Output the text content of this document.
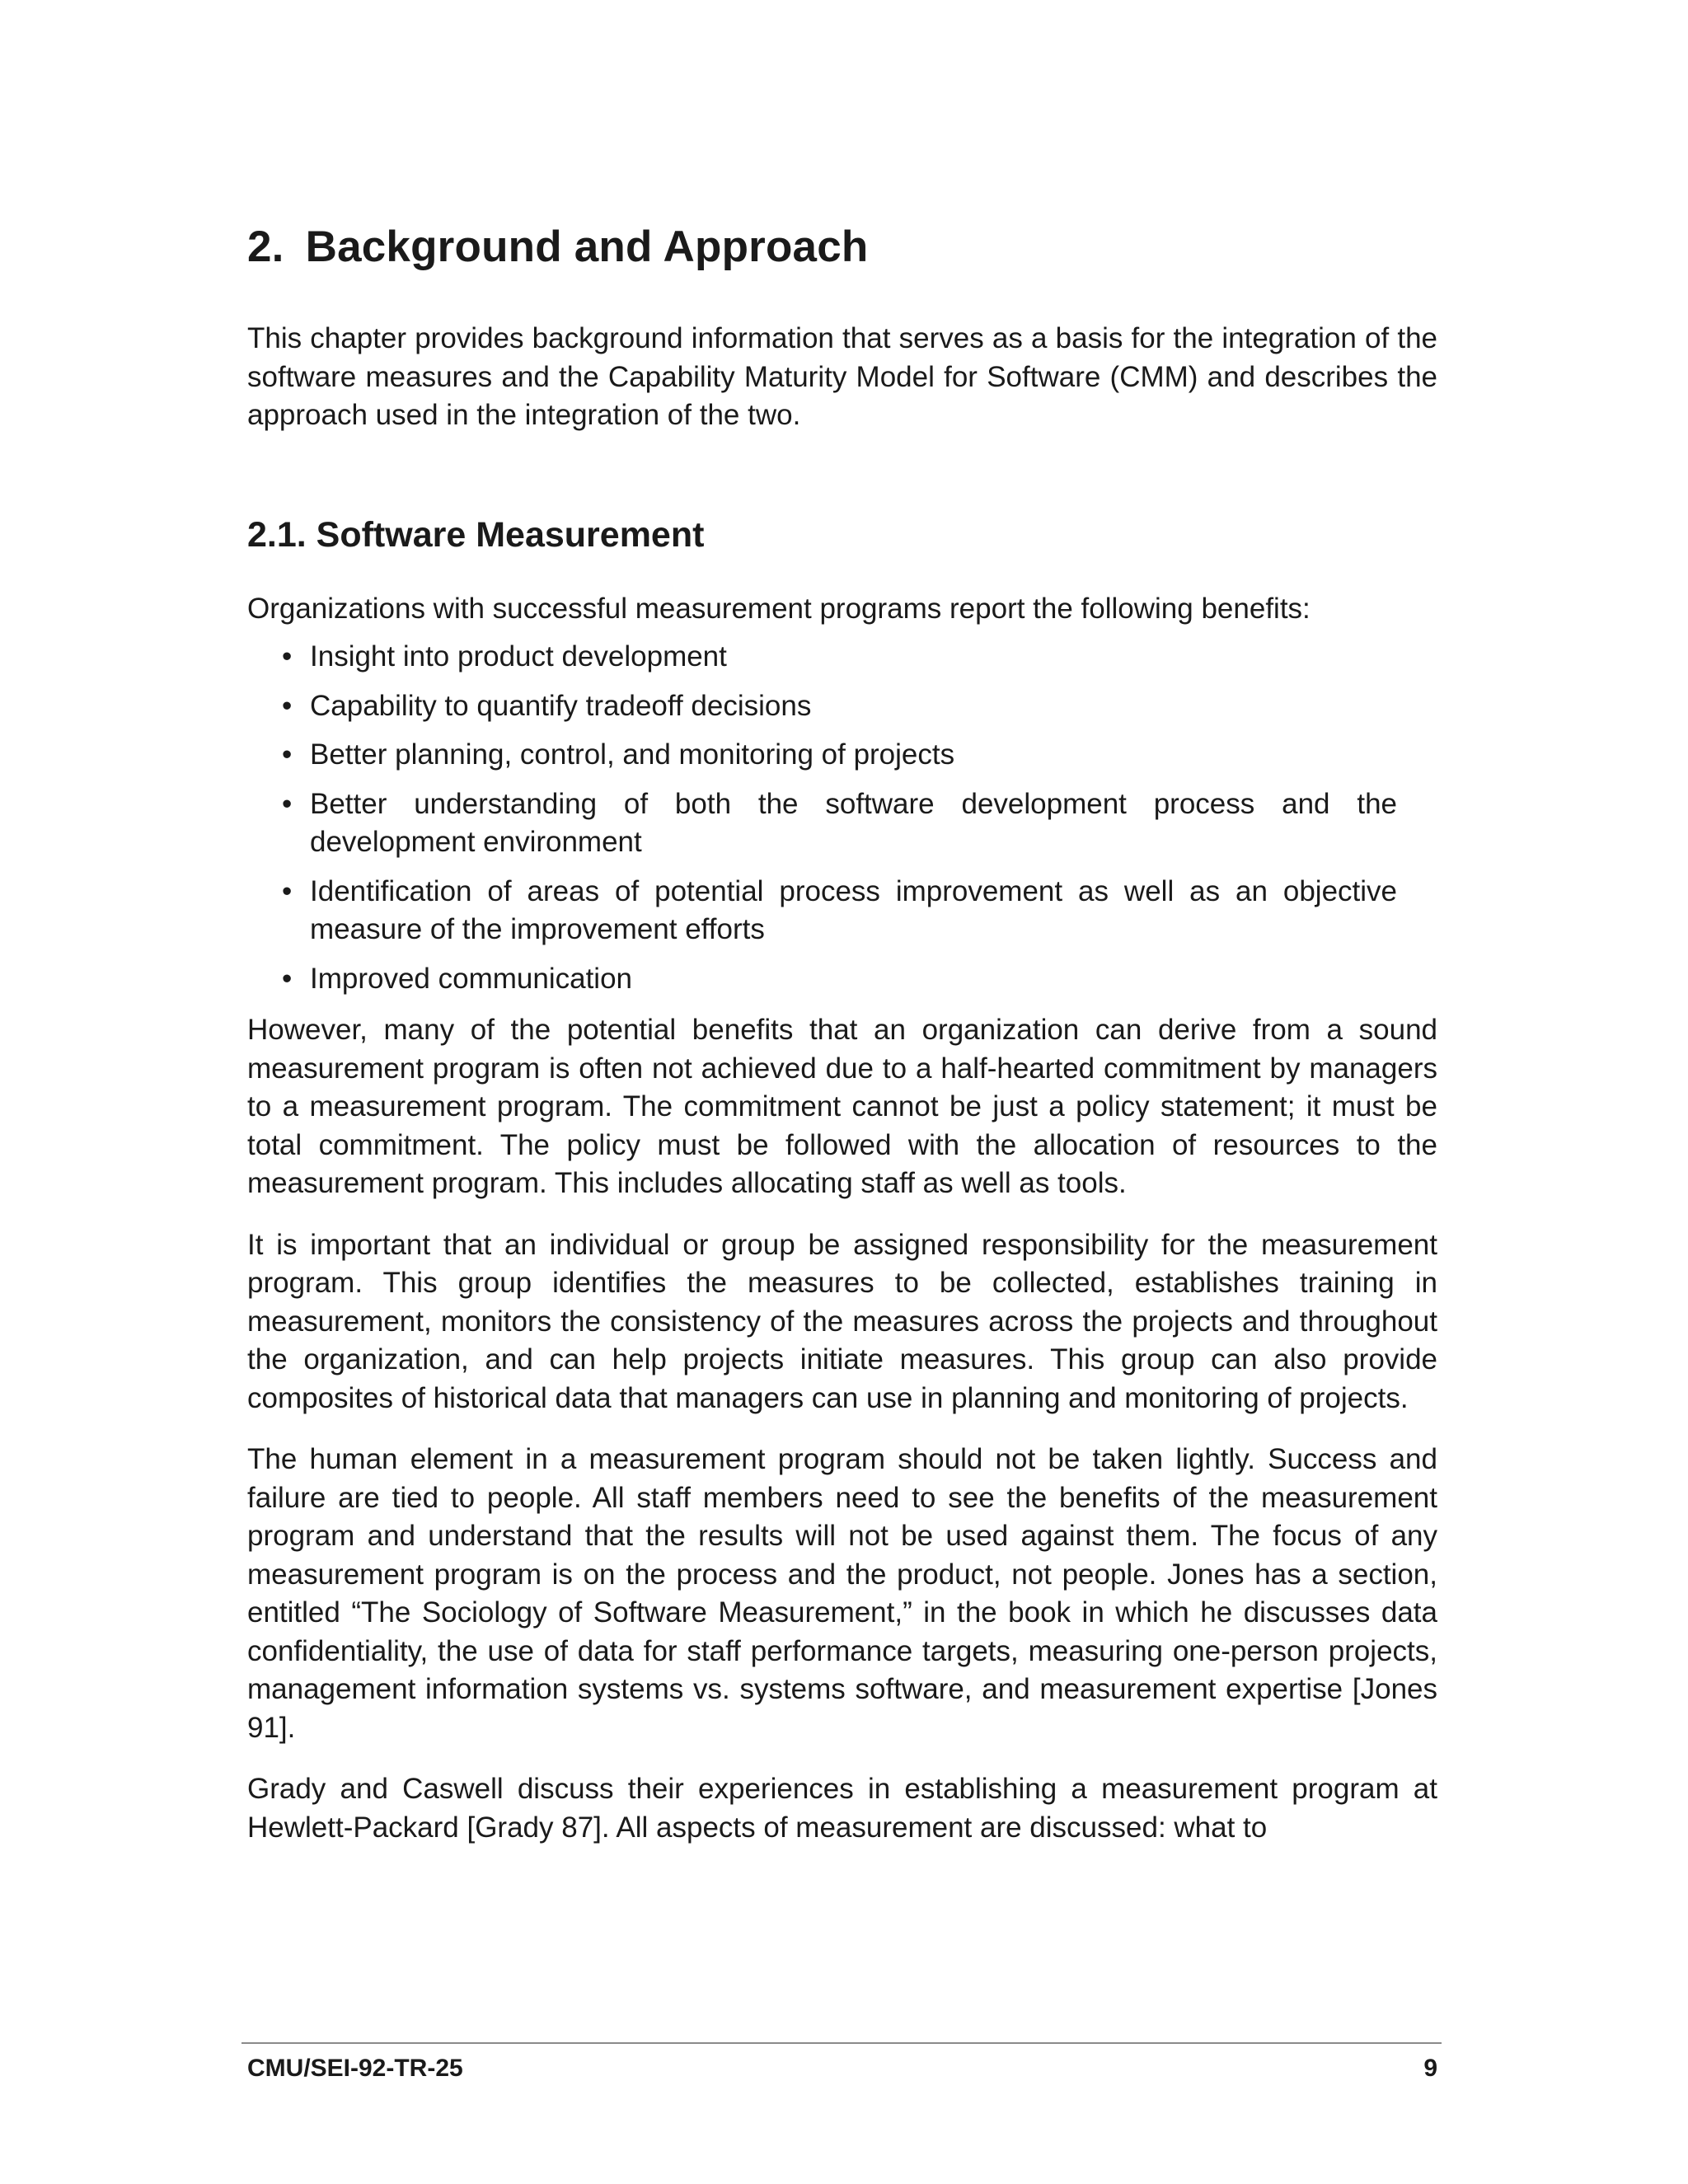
2. Background and Approach

This chapter provides background information that serves as a basis for the integration of the software measures and the Capability Maturity Model for Software (CMM) and describes the approach used in the integration of the two.

2.1. Software Measurement

Organizations with successful measurement programs report the following benefits:

• Insight into product development
• Capability to quantify tradeoff decisions
• Better planning, control, and monitoring of projects
• Better understanding of both the software development process and the development environment
• Identification of areas of potential process improvement as well as an objective measure of the improvement efforts
• Improved communication

However, many of the potential benefits that an organization can derive from a sound measurement program is often not achieved due to a half-hearted commitment by managers to a measurement program. The commitment cannot be just a policy statement; it must be total commitment. The policy must be followed with the allocation of resources to the measurement program. This includes allocating staff as well as tools.

It is important that an individual or group be assigned responsibility for the measurement program. This group identifies the measures to be collected, establishes training in measurement, monitors the consistency of the measures across the projects and throughout the organization, and can help projects initiate measures. This group can also provide composites of historical data that managers can use in planning and monitoring of projects.

The human element in a measurement program should not be taken lightly. Success and failure are tied to people. All staff members need to see the benefits of the measurement program and understand that the results will not be used against them. The focus of any measurement program is on the process and the product, not people. Jones has a section, entitled “The Sociology of Software Measurement,” in the book in which he discusses data confidentiality, the use of data for staff performance targets, measuring one-person projects, management information systems vs. systems software, and measurement expertise [Jones 91].

Grady and Caswell discuss their experiences in establishing a measurement program at Hewlett-Packard [Grady 87]. All aspects of measurement are discussed: what to

CMU/SEI-92-TR-25	9
